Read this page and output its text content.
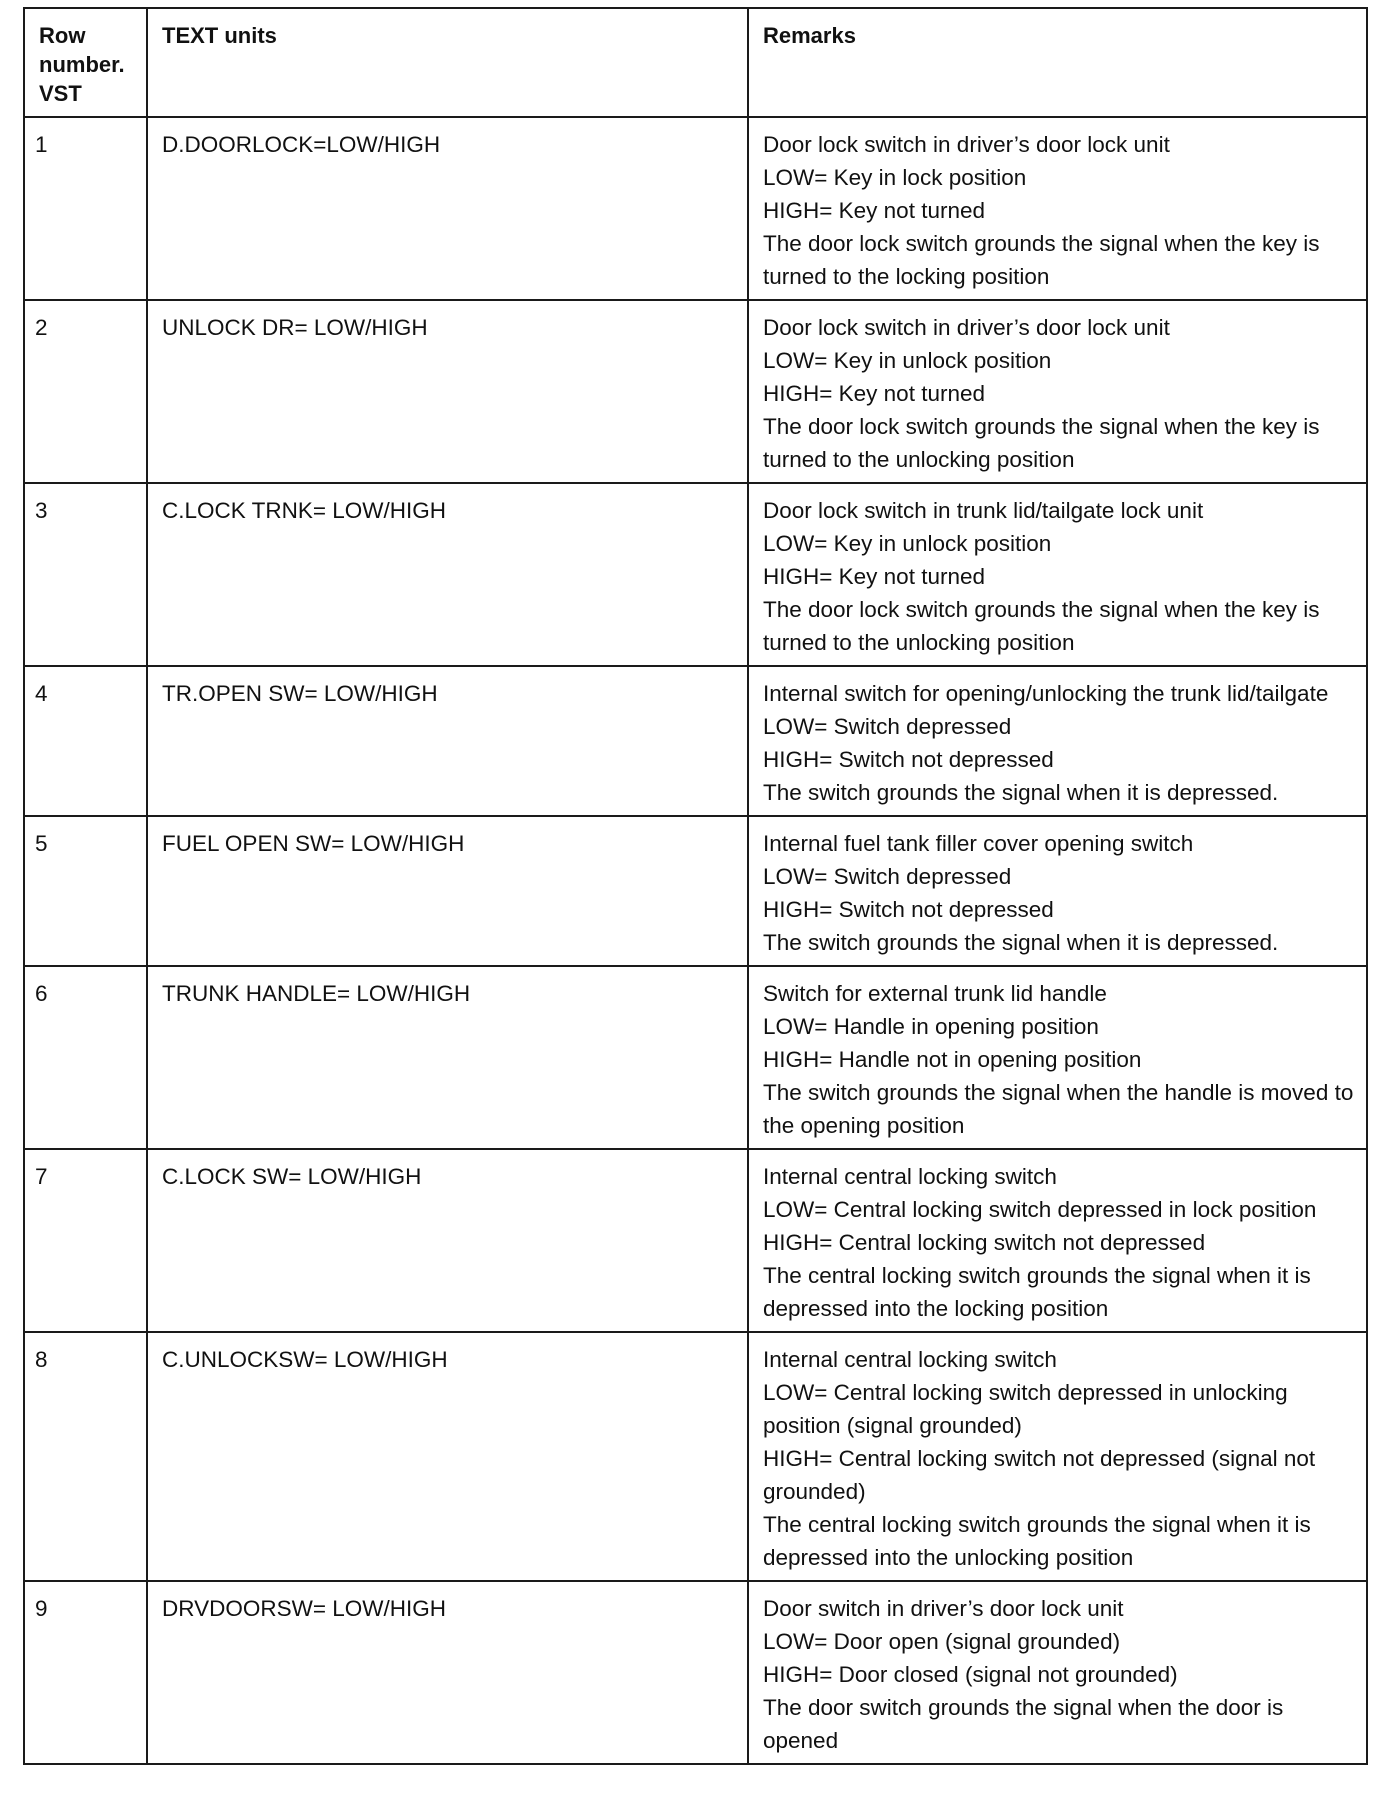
Row number. VST	TEXT units	Remarks
1	D.DOORLOCK=LOW/HIGH	Door lock switch in driver’s door lock unit
LOW= Key in lock position
HIGH= Key not turned
The door lock switch grounds the signal when the key is turned to the locking position

2	UNLOCK DR= LOW/HIGH	Door lock switch in driver’s door lock unit
LOW= Key in unlock position
HIGH= Key not turned
The door lock switch grounds the signal when the key is turned to the unlocking position

3	C.LOCK TRNK= LOW/HIGH	Door lock switch in trunk lid/tailgate lock unit
LOW= Key in unlock position
HIGH= Key not turned
The door lock switch grounds the signal when the key is turned to the unlocking position

4	TR.OPEN SW= LOW/HIGH	Internal switch for opening/unlocking the trunk lid/tailgate
LOW= Switch depressed
HIGH= Switch not depressed
The switch grounds the signal when it is depressed.

5	FUEL OPEN SW= LOW/HIGH	Internal fuel tank filler cover opening switch
LOW= Switch depressed
HIGH= Switch not depressed
The switch grounds the signal when it is depressed.

6	TRUNK HANDLE= LOW/HIGH	Switch for external trunk lid handle
LOW= Handle in opening position
HIGH= Handle not in opening position
The switch grounds the signal when the handle is moved to the opening position

7	C.LOCK SW= LOW/HIGH	Internal central locking switch
LOW= Central locking switch depressed in lock position
HIGH= Central locking switch not depressed
The central locking switch grounds the signal when it is depressed into the locking position

8	C.UNLOCKSW= LOW/HIGH	Internal central locking switch
LOW= Central locking switch depressed in unlocking position (signal grounded)
HIGH= Central locking switch not depressed (signal not grounded)
The central locking switch grounds the signal when it is depressed into the unlocking position

9	DRVDOORSW= LOW/HIGH	Door switch in driver’s door lock unit
LOW= Door open (signal grounded)
HIGH= Door closed (signal not grounded)
The door switch grounds the signal when the door is opened
